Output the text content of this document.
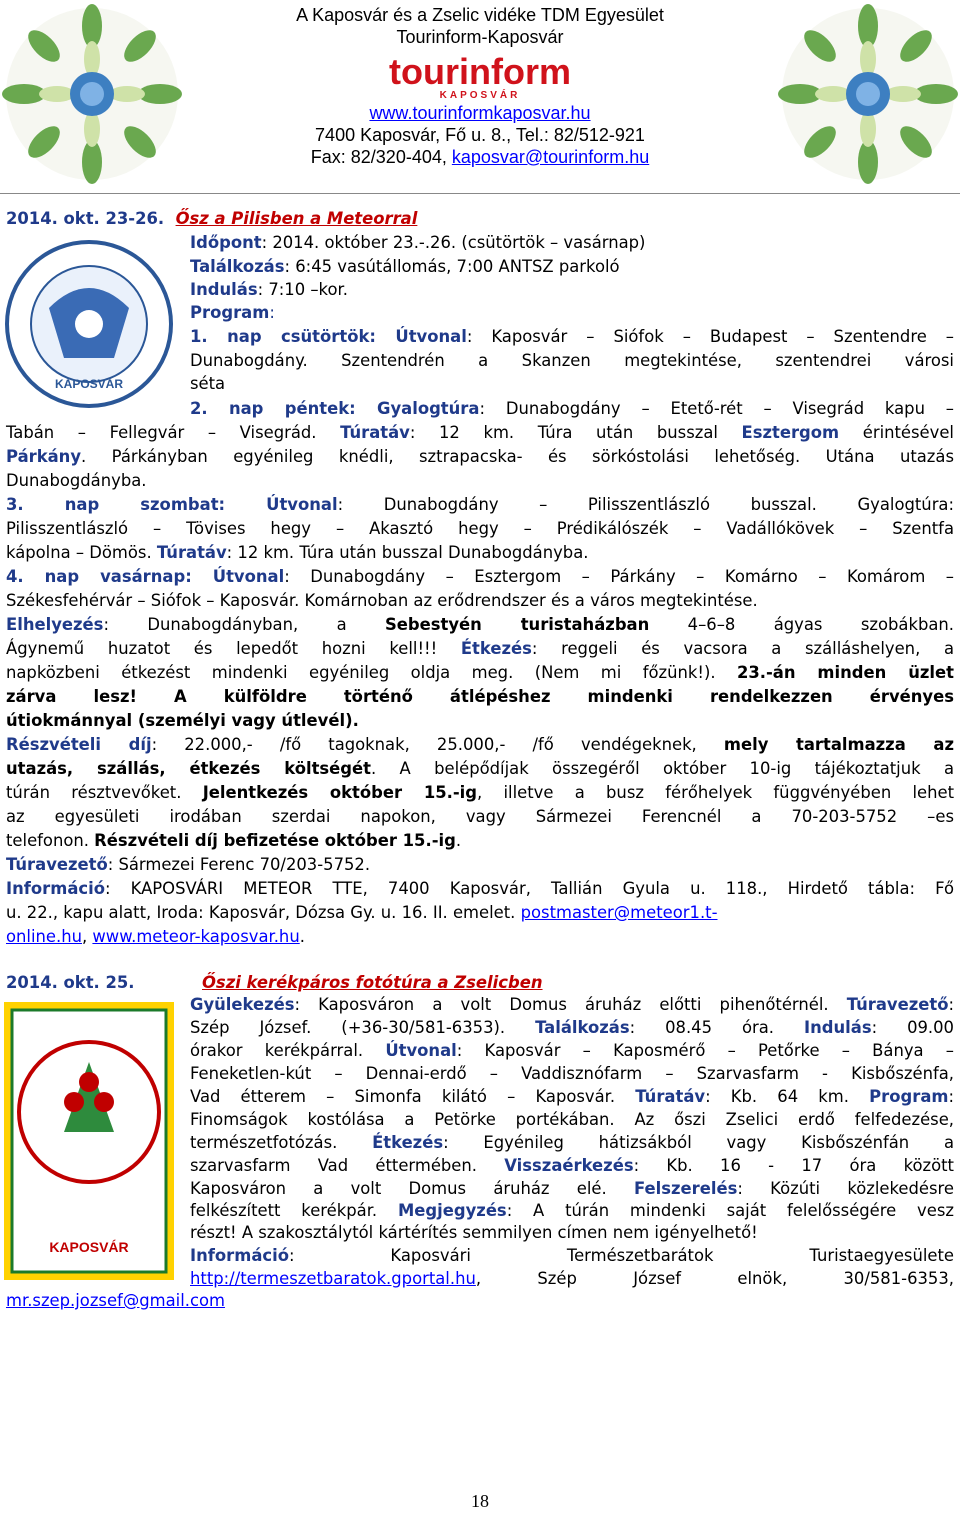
A Kaposvár és a Zselic vidéke TDM Egyesület
Tourinform-Kaposvár
tourinform
KAPOSVÁR
www.tourinformkaposvar.hu
7400 Kaposvár, Fő u. 8., Tel.: 82/512-921
Fax: 82/320-404, kaposvar@tourinform.hu
2014. okt. 23-26. Ősz a Pilisben a Meteorral
KAPOSVÁR
Időpont: 2014. október 23.-.26. (csütörtök – vasárnap)
Találkozás: 6:45 vasútállomás, 7:00 ANTSZ parkoló
Indulás: 7:10 –kor.
Program:
1. nap csütörtök: Útvonal: Kaposvár – Siófok – Budapest – Szentendre –
Dunabogdány. Szentendrén a Skanzen megtekintése, szentendrei városi
séta
2. nap péntek: Gyalogtúra: Dunabogdány – Etető-rét – Visegrád kapu –
Tabán – Fellegvár – Visegrád. Túratáv: 12 km. Túra után busszal Esztergom érintésével
Párkány. Párkányban egyénileg knédli, sztrapacska- és sörkóstolási lehetőség. Utána utazás
Dunabogdányba.
3. nap szombat: Útvonal: Dunabogdány – Pilisszentlászló busszal. Gyalogtúra:
Pilisszentlászló – Tövises hegy – Akasztó hegy – Prédikálószék – Vadállókövek – Szentfa
kápolna – Dömös. Túratáv: 12 km. Túra után busszal Dunabogdányba.
4. nap vasárnap: Útvonal: Dunabogdány – Esztergom – Párkány – Komárno – Komárom –
Székesfehérvár – Siófok – Kaposvár. Komárnoban az erődrendszer és a város megtekintése.
Elhelyezés: Dunabogdányban, a Sebestyén turistaházban 4–6–8 ágyas szobákban.
Ágynemű huzatot és lepedőt hozni kell!!! Étkezés: reggeli és vacsora a szálláshelyen, a
napközbeni étkezést mindenki egyénileg oldja meg. (Nem mi főzünk!). 23.-án minden üzlet
zárva lesz! A külföldre történő átlépéshez mindenki rendelkezzen érvényes
útiokmánnyal (személyi vagy útlevél).
Részvételi díj: 22.000,- /fő tagoknak, 25.000,- /fő vendégeknek, mely tartalmazza az
utazás, szállás, étkezés költségét. A belépődíjak összegéről október 10-ig tájékoztatjuk a
túrán résztvevőket. Jelentkezés október 15.-ig, illetve a busz férőhelyek függvényében lehet
az egyesületi irodában szerdai napokon, vagy Sármezei Ferencnél a 70-203-5752 –es
telefonon. Részvételi díj befizetése október 15.-ig.
Túravezető: Sármezei Ferenc 70/203-5752.
Információ: KAPOSVÁRI METEOR TTE, 7400 Kaposvár, Tallián Gyula u. 118., Hirdető tábla: Fő
u. 22., kapu alatt, Iroda: Kaposvár, Dózsa Gy. u. 16. II. emelet. postmaster@meteor1.t-
online.hu, www.meteor-kaposvar.hu.
2014. okt. 25.	Őszi kerékpáros fotótúra a Zselicben
KAPOSVÁR
Gyülekezés: Kaposváron a volt Domus áruház előtti pihenőtérnél. Túravezető:
Szép József. (+36-30/581-6353). Találkozás: 08.45 óra. Indulás: 09.00
órakor kerékpárral. Útvonal: Kaposvár – Kaposmérő – Petőrke – Bánya –
Feneketlen-kút – Dennai-erdő – Vaddisznófarm – Szarvasfarm - Kisbőszénfa,
Vad étterem – Simonfa kilátó – Kaposvár. Túratáv: Kb. 64 km. Program:
Finomságok kostólása a Petörke portékában. Az őszi Zselici erdő felfedezése,
természetfotózás. Étkezés: Egyénileg hátizsákból vagy Kisbőszénfán a
szarvasfarm Vad éttermében. Visszaérkezés: Kb. 16 - 17 óra között
Kaposváron a volt Domus áruház elé. Felszerelés: Közúti közlekedésre
felkészített kerékpár. Megjegyzés: A túrán mindenki saját felelősségére vesz
részt! A szakosztálytól kártérítés semmilyen címen nem igényelhető!
Információ: Kaposvári Természetbarátok Turistaegyesülete
http://termeszetbaratok.gportal.hu, Szép József elnök, 30/581-6353,
mr.szep.jozsef@gmail.com
18
